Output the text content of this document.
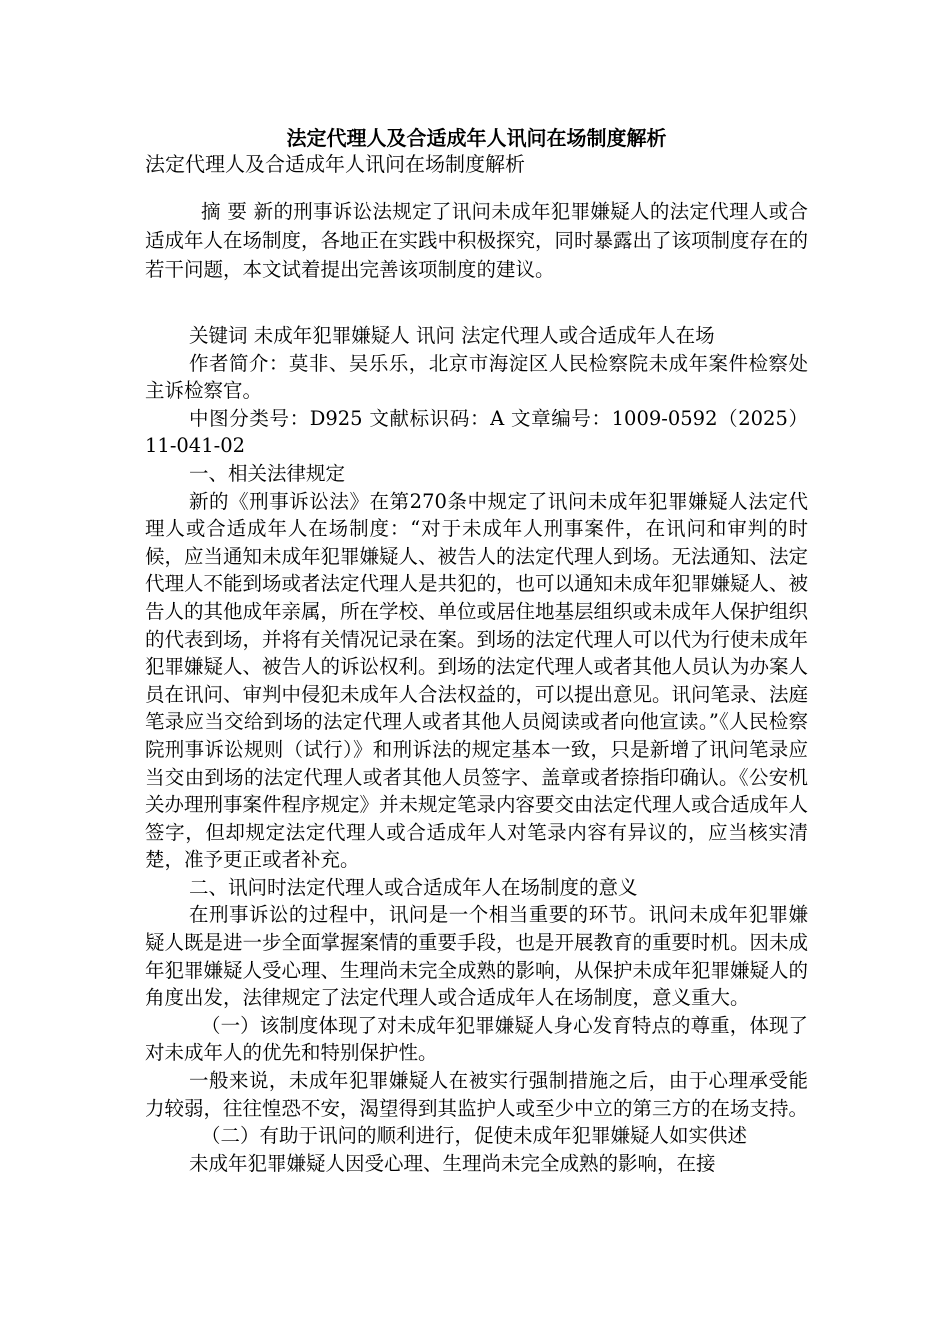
法定代理人及合适成年人讯问在场制度解析

法定代理人及合适成年人讯问在场制度解析

摘 要 新的刑事诉讼法规定了讯问未成年犯罪嫌疑人的法定代理人或合适成年人在场制度，各地正在实践中积极探究，同时暴露出了该项制度存在的若干问题，本文试着提出完善该项制度的建议。

关键词 未成年犯罪嫌疑人 讯问 法定代理人或合适成年人在场

作者简介：莫非、吴乐乐，北京市海淀区人民检察院未成年案件检察处主诉检察官。

中图分类号：D925 文献标识码：A 文章编号：1009-0592（2025）11-041-02

一、相关法律规定

新的《刑事诉讼法》在第270条中规定了讯问未成年犯罪嫌疑人法定代理人或合适成年人在场制度：“对于未成年人刑事案件，在讯问和审判的时候，应当通知未成年犯罪嫌疑人、被告人的法定代理人到场。无法通知、法定代理人不能到场或者法定代理人是共犯的，也可以通知未成年犯罪嫌疑人、被告人的其他成年亲属，所在学校、单位或居住地基层组织或未成年人保护组织的代表到场，并将有关情况记录在案。到场的法定代理人可以代为行使未成年犯罪嫌疑人、被告人的诉讼权利。到场的法定代理人或者其他人员认为办案人员在讯问、审判中侵犯未成年人合法权益的，可以提出意见。讯问笔录、法庭笔录应当交给到场的法定代理人或者其他人员阅读或者向他宣读。”《人民检察院刑事诉讼规则（试行）》和刑诉法的规定基本一致，只是新增了讯问笔录应当交由到场的法定代理人或者其他人员签字、盖章或者捺指印确认。《公安机关办理刑事案件程序规定》并未规定笔录内容要交由法定代理人或合适成年人签字，但却规定法定代理人或合适成年人对笔录内容有异议的，应当核实清楚，准予更正或者补充。

二、讯问时法定代理人或合适成年人在场制度的意义

在刑事诉讼的过程中，讯问是一个相当重要的环节。讯问未成年犯罪嫌疑人既是进一步全面掌握案情的重要手段，也是开展教育的重要时机。因未成年犯罪嫌疑人受心理、生理尚未完全成熟的影响，从保护未成年犯罪嫌疑人的角度出发，法律规定了法定代理人或合适成年人在场制度，意义重大。

（一）该制度体现了对未成年犯罪嫌疑人身心发育特点的尊重，体现了对未成年人的优先和特别保护性。

一般来说，未成年犯罪嫌疑人在被实行强制措施之后，由于心理承受能力较弱，往往惶恐不安，渴望得到其监护人或至少中立的第三方的在场支持。

（二）有助于讯问的顺利进行，促使未成年犯罪嫌疑人如实供述

未成年犯罪嫌疑人因受心理、生理尚未完全成熟的影响，在接
